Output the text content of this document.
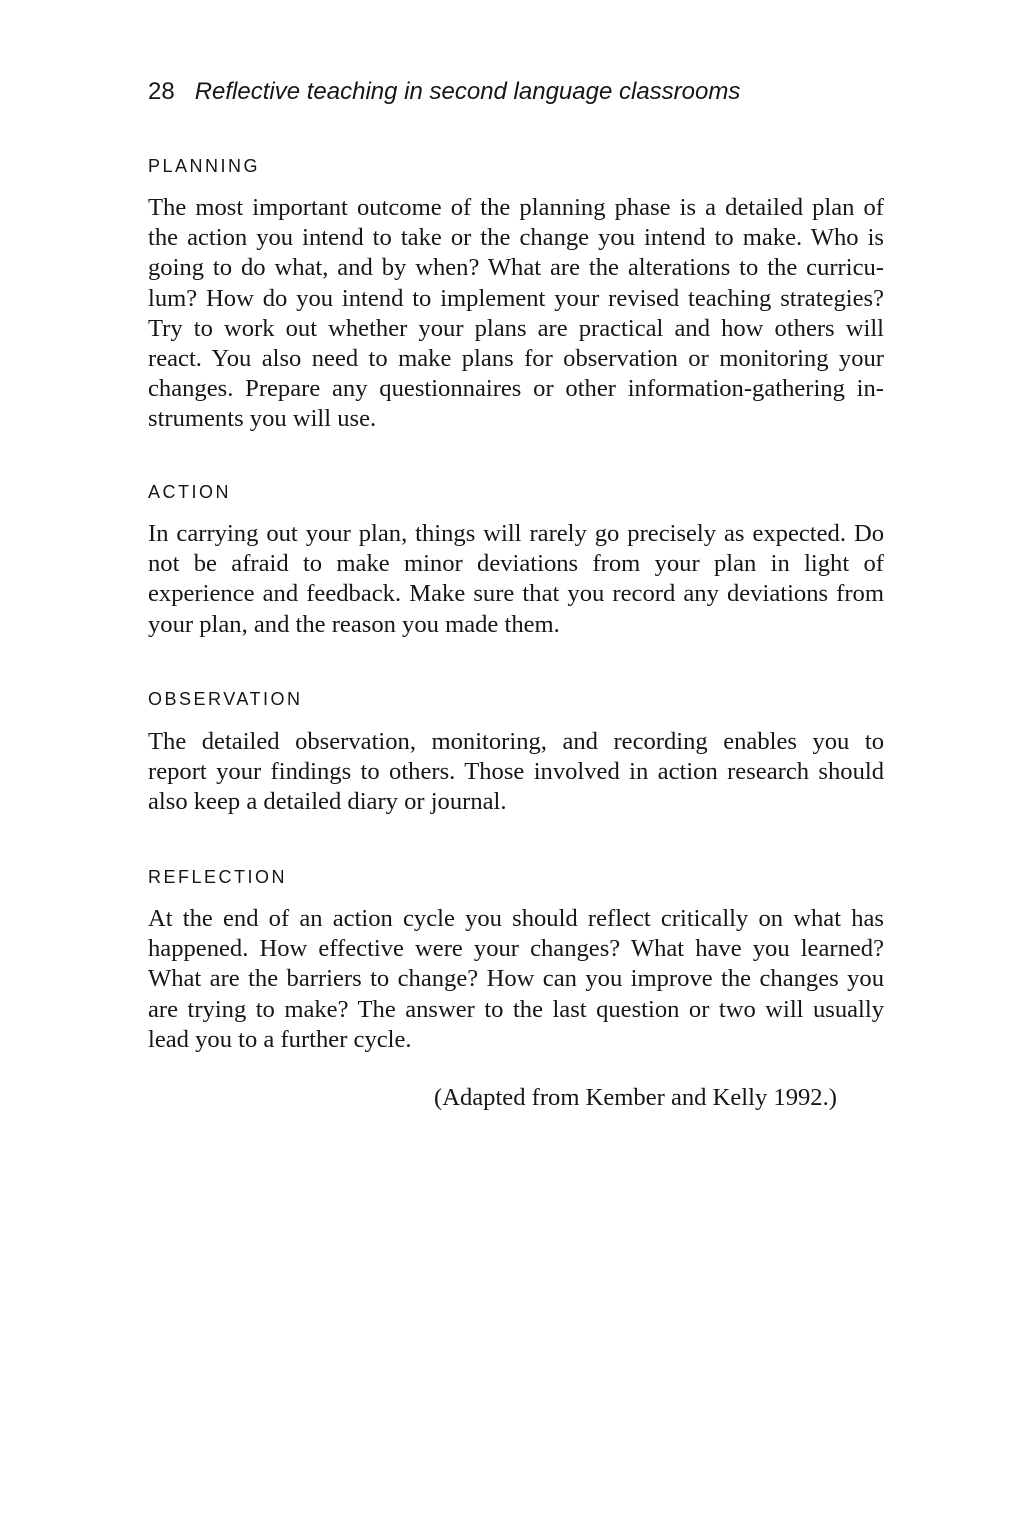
28 Reflective teaching in second language classrooms
PLANNING
The most important outcome of the planning phase is a detailed plan of
the action you intend to take or the change you intend to make. Who is
going to do what, and by when? What are the alterations to the curricu-
lum? How do you intend to implement your revised teaching strategies?
Try to work out whether your plans are practical and how others will
react. You also need to make plans for observation or monitoring your
changes. Prepare any questionnaires or other information-gathering in-
struments you will use.
ACTION
In carrying out your plan, things will rarely go precisely as expected. Do
not be afraid to make minor deviations from your plan in light of
experience and feedback. Make sure that you record any deviations from
your plan, and the reason you made them.
OBSERVATION
The detailed observation, monitoring, and recording enables you to
report your findings to others. Those involved in action research should
also keep a detailed diary or journal.
REFLECTION
At the end of an action cycle you should reflect critically on what has
happened. How effective were your changes? What have you learned?
What are the barriers to change? How can you improve the changes you
are trying to make? The answer to the last question or two will usually
lead you to a further cycle.
(Adapted from Kember and Kelly 1992.)
